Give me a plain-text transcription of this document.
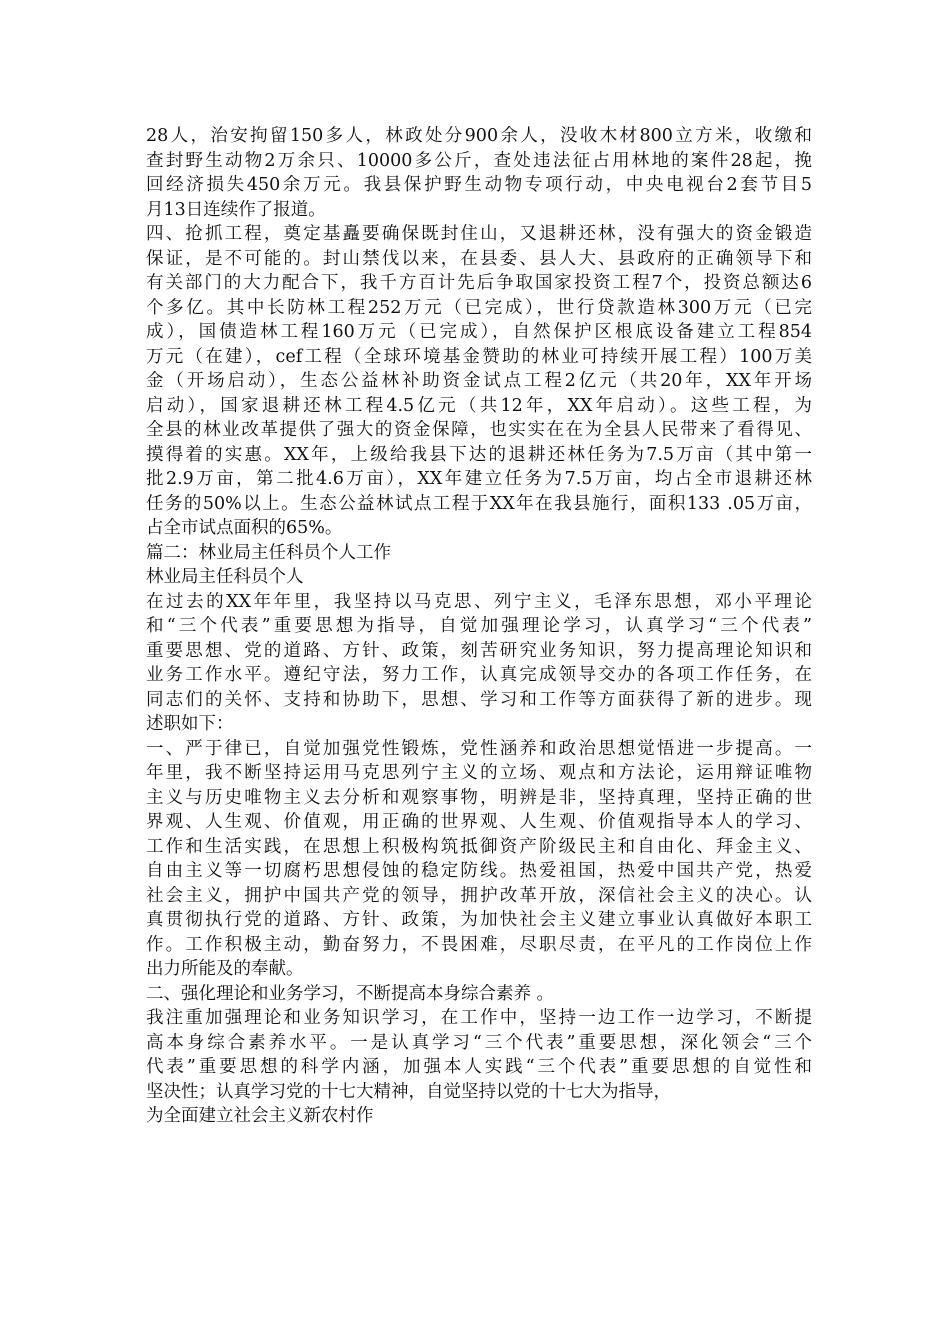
28人，治安拘留150多人，林政处分900余人，没收木材800立方米，收缴和
查封野生动物2万余只、10000多公斤，查处违法征占用林地的案件28起，挽
回经济损失450余万元。我县保护野生动物专项行动，中央电视台2套节目5
月13日连续作了报道。
四、抢抓工程，奠定基矗要确保既封住山，又退耕还林，没有强大的资金锻造
保证，是不可能的。封山禁伐以来，在县委、县人大、县政府的正确领导下和
有关部门的大力配合下，我千方百计先后争取国家投资工程7个，投资总额达6
个多亿。其中长防林工程252万元（已完成），世行贷款造林300万元（已完
成），国债造林工程160万元（已完成），自然保护区根底设备建立工程854
万元（在建），cef工程（全球环境基金赞助的林业可持续开展工程）100万美
金（开场启动），生态公益林补助资金试点工程2亿元（共20年，XX年开场
启动），国家退耕还林工程4.5亿元（共12年，XX年启动）。这些工程，为
全县的林业改革提供了强大的资金保障，也实实在在为全县人民带来了看得见、
摸得着的实惠。XX年，上级给我县下达的退耕还林任务为7.5万亩（其中第一
批2.9万亩，第二批4.6万亩），XX年建立任务为7.5万亩，均占全市退耕还林
任务的50%以上。生态公益林试点工程于XX年在我县施行，面积133 .05万亩，
占全市试点面积的65%。
篇二：林业局主任科员个人工作
林业局主任科员个人
在过去的XX年年里，我坚持以马克思、列宁主义，毛泽东思想，邓小平理论
和“三个代表”重要思想为指导，自觉加强理论学习，认真学习“三个代表”
重要思想、党的道路、方针、政策，刻苦研究业务知识，努力提高理论知识和
业务工作水平。遵纪守法，努力工作，认真完成领导交办的各项工作任务，在
同志们的关怀、支持和协助下，思想、学习和工作等方面获得了新的进步。现
述职如下：
一、严于律已，自觉加强党性锻炼，党性涵养和政治思想觉悟进一步提高。一
年里，我不断坚持运用马克思列宁主义的立场、观点和方法论，运用辩证唯物
主义与历史唯物主义去分析和观察事物，明辨是非，坚持真理，坚持正确的世
界观、人生观、价值观，用正确的世界观、人生观、价值观指导本人的学习、
工作和生活实践，在思想上积极构筑抵御资产阶级民主和自由化、拜金主义、
自由主义等一切腐朽思想侵蚀的稳定防线。热爱祖国，热爱中国共产党，热爱
社会主义，拥护中国共产党的领导，拥护改革开放，深信社会主义的决心。认
真贯彻执行党的道路、方针、政策，为加快社会主义建立事业认真做好本职工
作。工作积极主动，勤奋努力，不畏困难，尽职尽责，在平凡的工作岗位上作
出力所能及的奉献。
二、强化理论和业务学习，不断提高本身综合素养 。
我注重加强理论和业务知识学习，在工作中，坚持一边工作一边学习，不断提
高本身综合素养水平。一是认真学习“三个代表”重要思想，深化领会“三个
代表”重要思想的科学内涵，加强本人实践“三个代表”重要思想的自觉性和
坚决性；认真学习党的十七大精神，自觉坚持以党的十七大为指导，
为全面建立社会主义新农村作
